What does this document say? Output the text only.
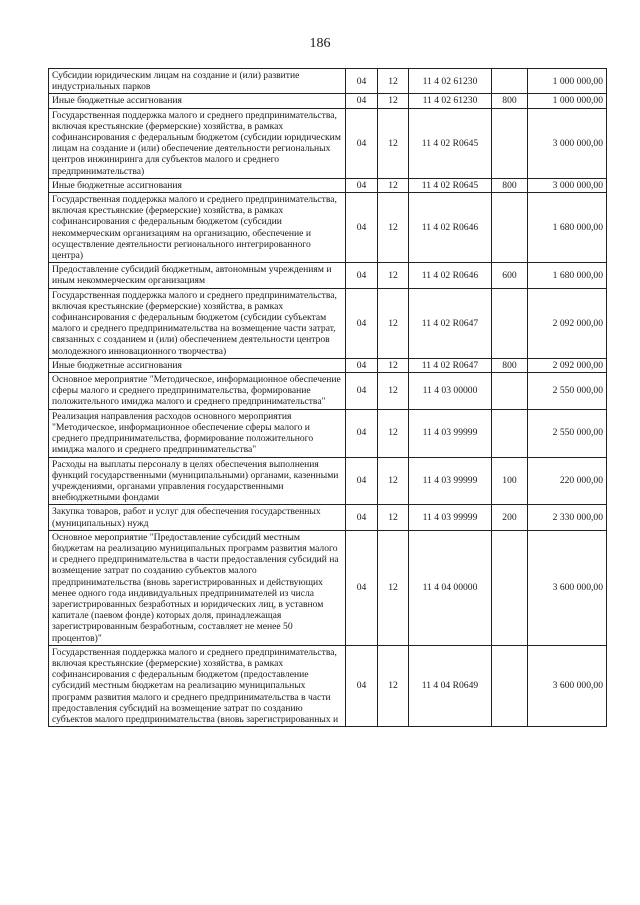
186
Субсидии юридическим лицам на создание и (или) развитие индустриальных парков	04	12	11 4 02 61230		1 000 000,00
Иные бюджетные ассигнования	04	12	11 4 02 61230	800	1 000 000,00
Государственная поддержка малого и среднего предпринимательства, включая крестьянские (фермерские) хозяйства, в рамках софинансирования с федеральным бюджетом (субсидии юридическим лицам на создание и (или) обеспечение деятельности региональных центров инжиниринга для субъектов малого и среднего предпринимательства)	04	12	11 4 02 R0645		3 000 000,00
Иные бюджетные ассигнования	04	12	11 4 02 R0645	800	3 000 000,00
Государственная поддержка малого и среднего предпринимательства, включая крестьянские (фермерские) хозяйства, в рамках софинансирования с федеральным бюджетом (субсидии некоммерческим организациям на организацию, обеспечение и осуществление деятельности регионального интегрированного центра)	04	12	11 4 02 R0646		1 680 000,00
Предоставление субсидий бюджетным, автономным учреждениям и иным некоммерческим организациям	04	12	11 4 02 R0646	600	1 680 000,00
Государственная поддержка малого и среднего предпринимательства, включая крестьянские (фермерские) хозяйства, в рамках софинансирования с федеральным бюджетом (субсидии субъектам малого и среднего предпринимательства на возмещение части затрат, связанных с созданием и (или) обеспечением деятельности центров молодежного инновационного творчества)	04	12	11 4 02 R0647		2 092 000,00
Иные бюджетные ассигнования	04	12	11 4 02 R0647	800	2 092 000,00
Основное мероприятие "Методическое, информационное обеспечение сферы малого и среднего предпринимательства, формирование положительного имиджа малого и среднего предпринимательства"	04	12	11 4 03 00000		2 550 000,00
Реализация направления расходов основного мероприятия "Методическое, информационное обеспечение сферы малого и среднего предпринимательства, формирование положительного имиджа малого и среднего предпринимательства"	04	12	11 4 03 99999		2 550 000,00
Расходы на выплаты персоналу в целях обеспечения выполнения функций государственными (муниципальными) органами, казенными учреждениями, органами управления государственными внебюджетными фондами	04	12	11 4 03 99999	100	220 000,00
Закупка товаров, работ и услуг для обеспечения государственных (муниципальных) нужд	04	12	11 4 03 99999	200	2 330 000,00
Основное мероприятие "Предоставление субсидий местным бюджетам на реализацию муниципальных программ развития малого и среднего предпринимательства в части предоставления субсидий на возмещение затрат по созданию субъектов малого предпринимательства (вновь зарегистрированных и действующих менее одного года индивидуальных предпринимателей из числа зарегистрированных безработных и юридических лиц, в уставном капитале (паевом фонде) которых доля, принадлежащая зарегистрированным безработным, составляет не менее 50 процентов)"	04	12	11 4 04 00000		3 600 000,00
Государственная поддержка малого и среднего предпринимательства, включая крестьянские (фермерские) хозяйства, в рамках софинансирования с федеральным бюджетом (предоставление субсидий местным бюджетам на реализацию муниципальных программ развития малого и среднего предпринимательства в части предоставления субсидий на возмещение затрат по созданию субъектов малого предпринимательства (вновь зарегистрированных и	04	12	11 4 04 R0649		3 600 000,00
